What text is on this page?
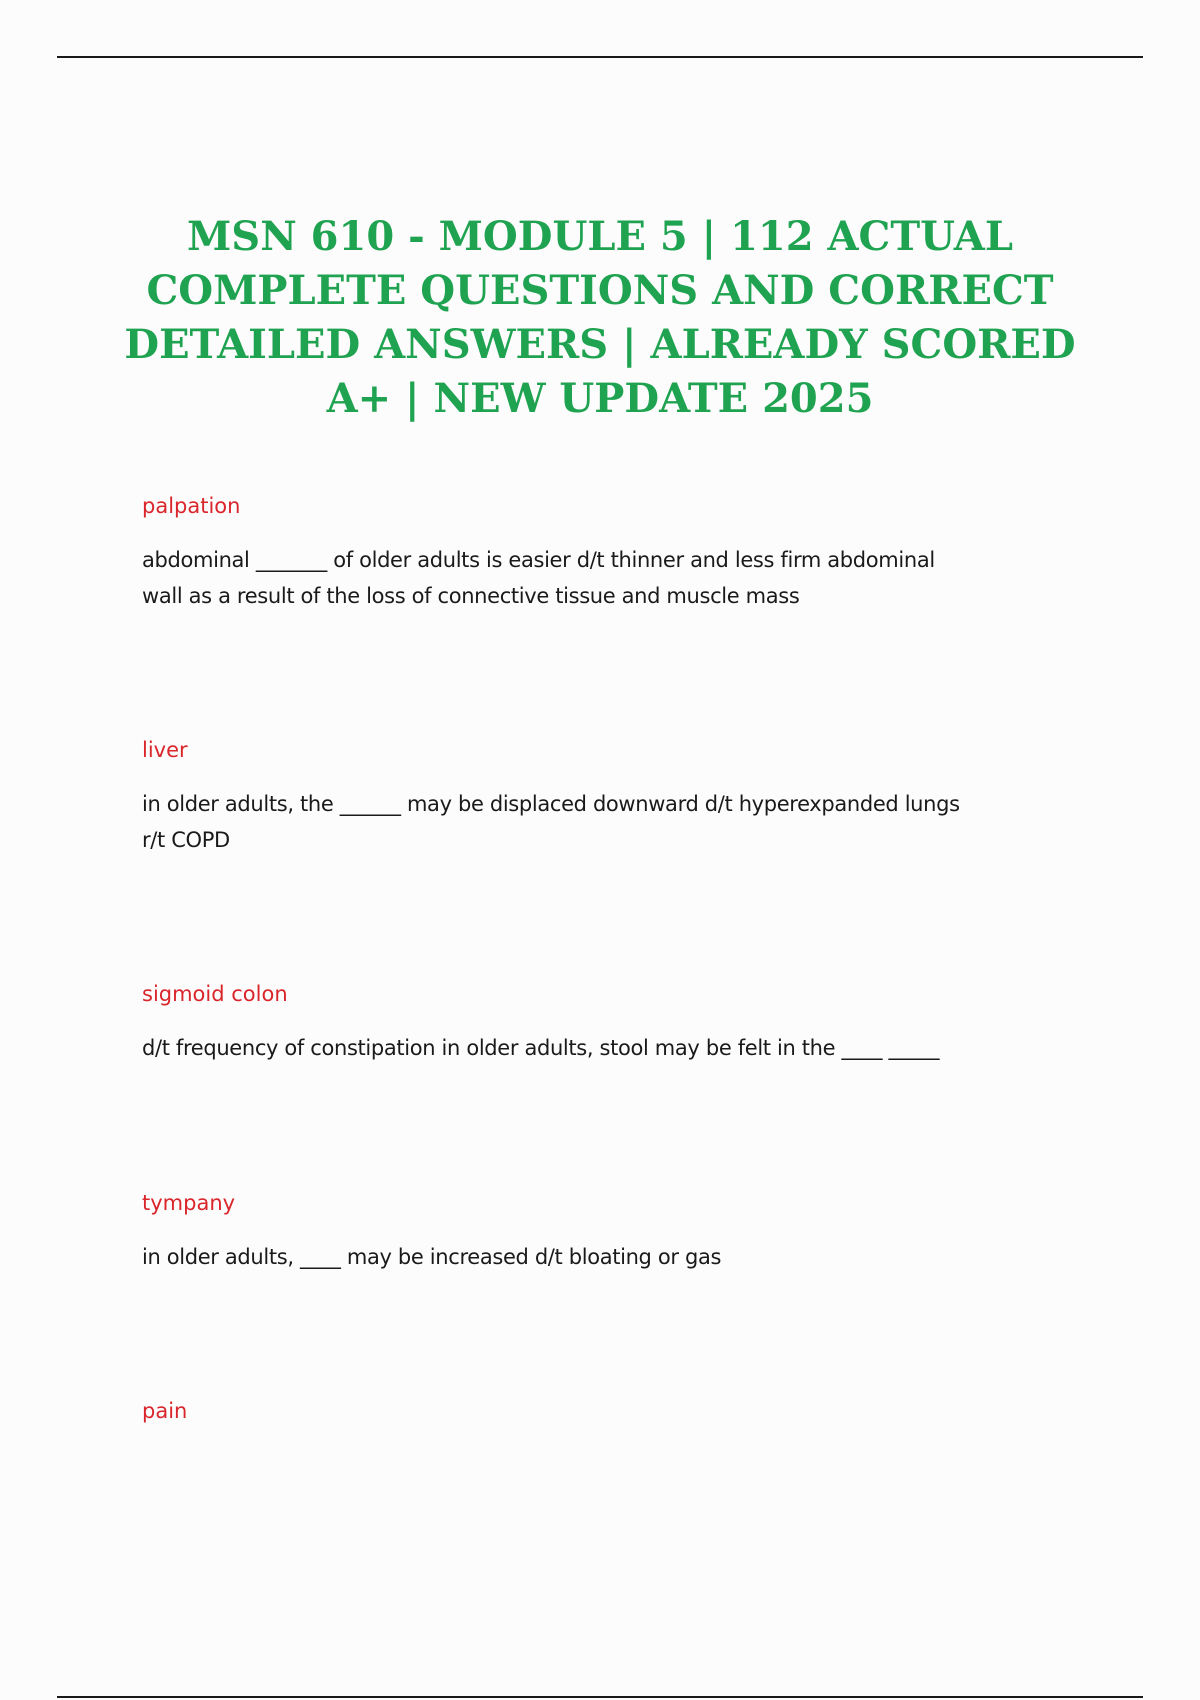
MSN 610 - MODULE 5 | 112 ACTUAL
COMPLETE QUESTIONS AND CORRECT
DETAILED ANSWERS | ALREADY SCORED
A+ | NEW UPDATE 2025

palpation

abdominal _______ of older adults is easier d/t thinner and less firm abdominal
wall as a result of the loss of connective tissue and muscle mass

liver

in older adults, the ______ may be displaced downward d/t hyperexpanded lungs
r/t COPD

sigmoid colon

d/t frequency of constipation in older adults, stool may be felt in the ____ _____

tympany

in older adults, ____ may be increased d/t bloating or gas

pain
